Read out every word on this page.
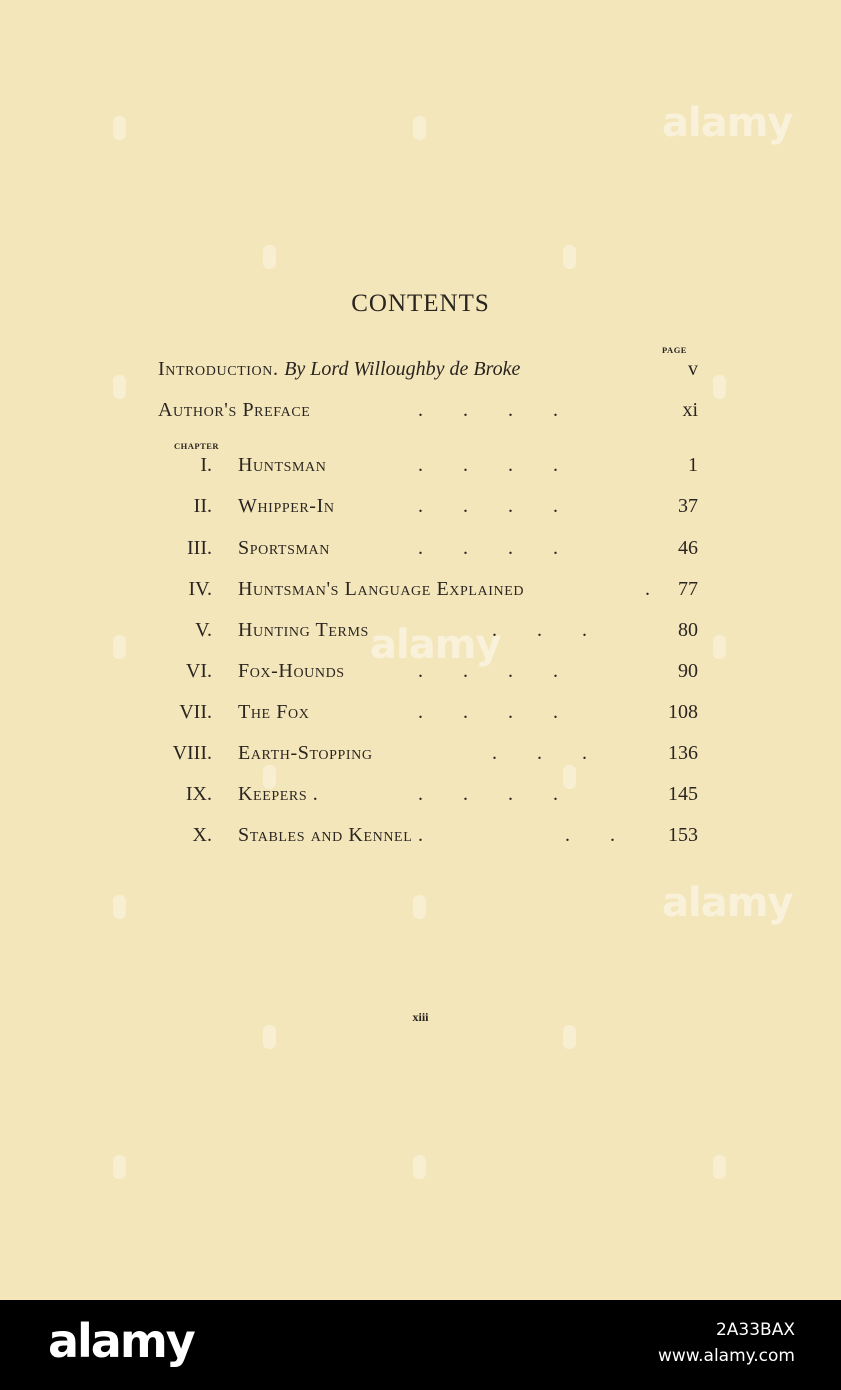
alamy
alamy
alamy
CONTENTS
PAGE
Introduction. By Lord Willoughby de Broke	v
Author's Preface	.        .        .        .	xi
CHAPTER
I. Huntsman	.        .        .        .	1
II. Whipper-In	.        .        .        .	37
III. Sportsman	.        .        .        .	46
IV. Huntsman's Language Explained	. 77
V. Hunting Terms	.        .        .	80
VI. Fox-Hounds	.        .        .        .	90
VII. The Fox	.        .        .        .	108
VIII. Earth-Stopping	.        .        .	136
IX. Keepers .	.        .        .        .	145
X. Stables and Kennel .	.        .	153
xiii
alamy	2A33BAX
www.alamy.com
